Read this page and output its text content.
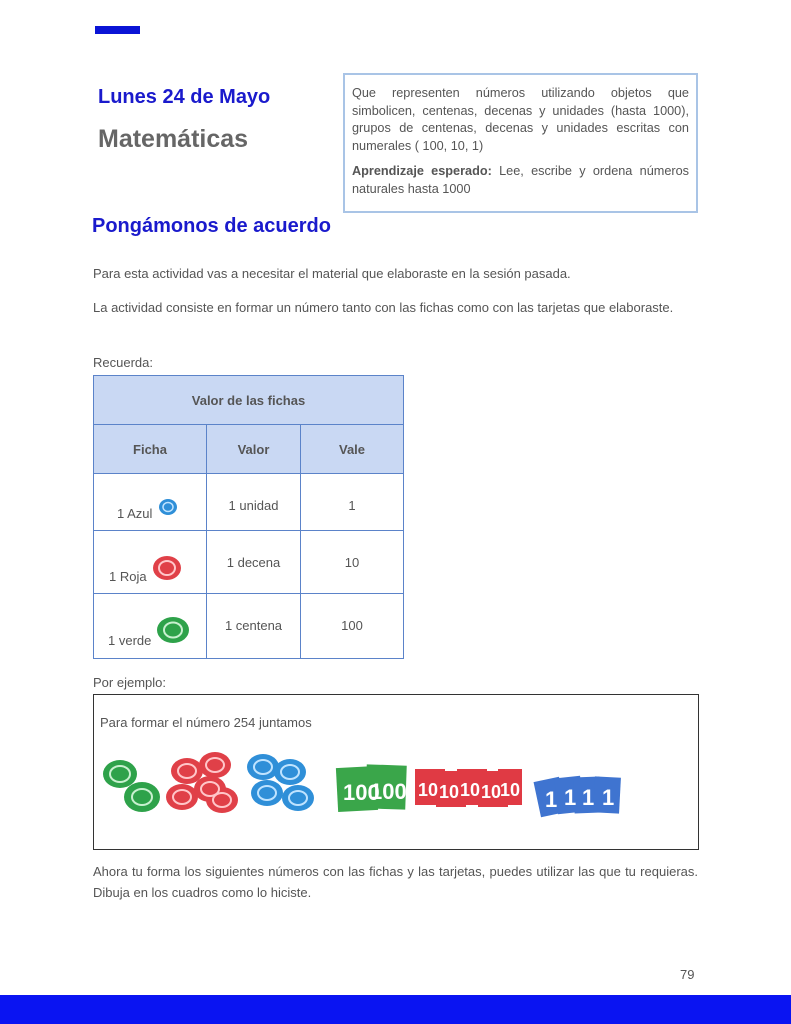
Lunes 24 de Mayo
Matemáticas

Que representen números utilizando objetos que simbolicen, centenas, decenas y unidades (hasta 1000), grupos de centenas, decenas y unidades escritas con numerales ( 100, 10, 1)

Aprendizaje esperado: Lee, escribe y ordena números naturales hasta 1000

Pongámonos de acuerdo
Para esta actividad vas a necesitar el material que elaboraste en la sesión pasada.
La actividad consiste en formar un número tanto con las fichas como con las tarjetas que elaboraste.
Recuerda:
Valor de las fichas		
Ficha	Valor	Vale

1 Azul	1 unidad	1

1 Roja	1 decena	10

1 verde	1 centena	100
Por ejemplo:
Para formar el número 254 juntamos
100
100 10 10 10 10
10 1 1 1 1
Ahora tu forma los siguientes números con las fichas y las tarjetas, puedes utilizar las que tu requieras. Dibuja en los cuadros como lo hiciste.
79
